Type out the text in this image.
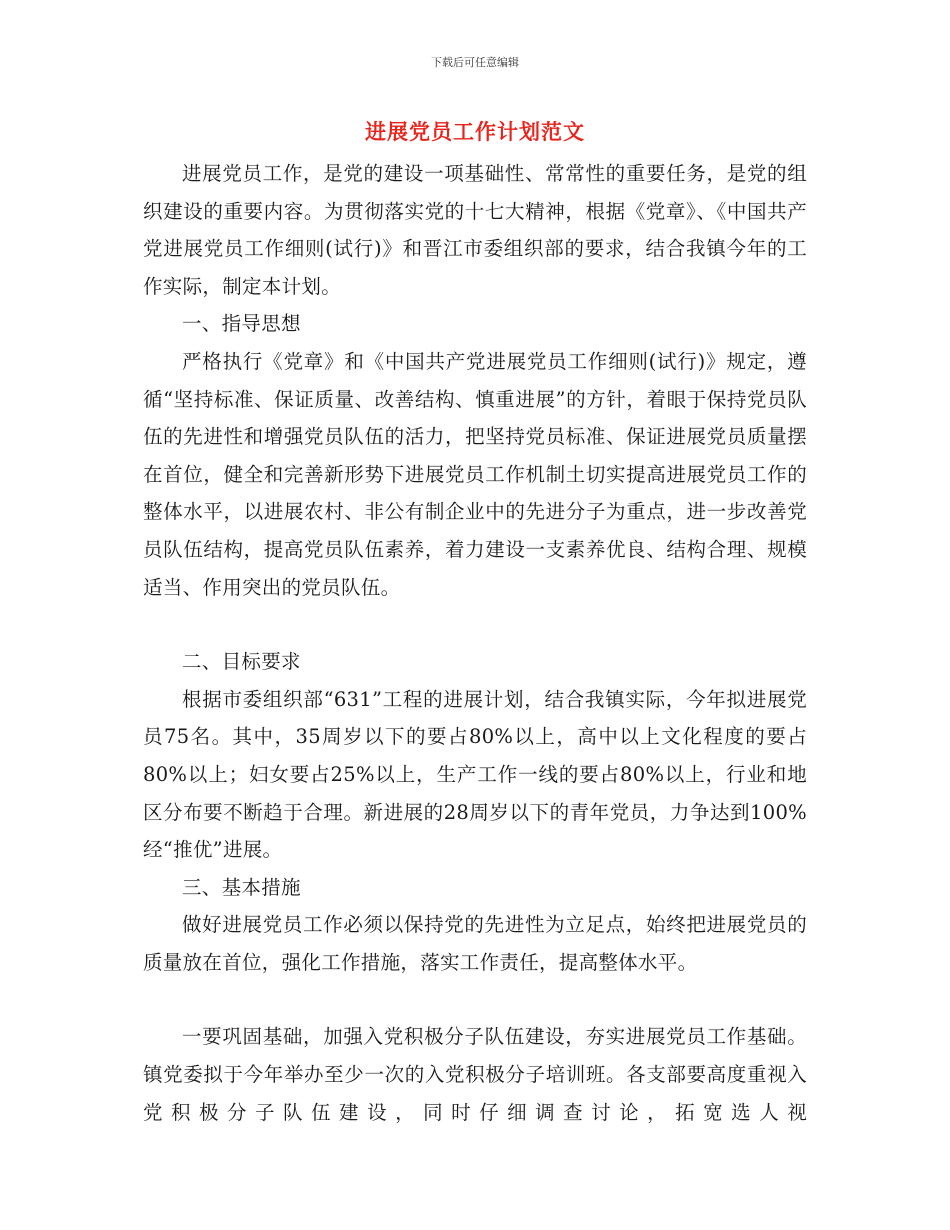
下载后可任意编辑
进展党员工作计划范文

进展党员工作，是党的建设一项基础性、常常性的重要任务，是党的组织建设的重要内容。为贯彻落实党的十七大精神，根据《党章》、《中国共产党进展党员工作细则(试行)》和晋江市委组织部的要求，结合我镇今年的工作实际，制定本计划。

一、指导思想

严格执行《党章》和《中国共产党进展党员工作细则(试行)》规定，遵循“坚持标准、保证质量、改善结构、慎重进展”的方针，着眼于保持党员队伍的先进性和增强党员队伍的活力，把坚持党员标准、保证进展党员质量摆在首位，健全和完善新形势下进展党员工作机制土切实提高进展党员工作的整体水平，以进展农村、非公有制企业中的先进分子为重点，进一步改善党员队伍结构，提高党员队伍素养，着力建设一支素养优良、结构合理、规模适当、作用突出的党员队伍。

二、目标要求

根据市委组织部“631”工程的进展计划，结合我镇实际，今年拟进展党员75名。其中，35周岁以下的要占80%以上，高中以上文化程度的要占80%以上；妇女要占25%以上，生产工作一线的要占80%以上，行业和地区分布要不断趋于合理。新进展的28周岁以下的青年党员，力争达到100%经“推优”进展。

三、基本措施

做好进展党员工作必须以保持党的先进性为立足点，始终把进展党员的质量放在首位，强化工作措施，落实工作责任，提高整体水平。

一要巩固基础，加强入党积极分子队伍建设，夯实进展党员工作基础。镇党委拟于今年举办至少一次的入党积极分子培训班。各支部要高度重视入党积极分子队伍建设，同时仔细调查讨论，拓宽选人视
